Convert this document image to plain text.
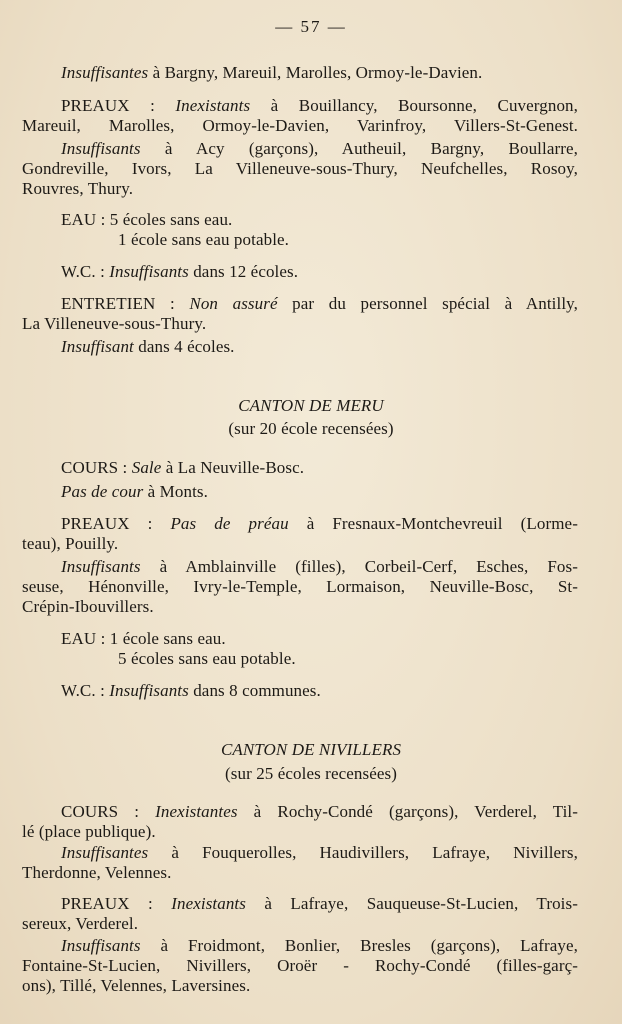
— 57 —
Insuffisantes à Bargny, Mareuil, Marolles, Ormoy-le-Davien.
PREAUX : Inexistants à Bouillancy, Boursonne, Cuvergnon,
Mareuil, Marolles, Ormoy-le-Davien, Varinfroy, Villers-St-Genest.
Insuffisants à Acy (garçons), Autheuil, Bargny, Boullarre,
Gondreville, Ivors, La Villeneuve-sous-Thury, Neufchelles, Rosoy,
Rouvres, Thury.
EAU : 5 écoles sans eau.
1 école sans eau potable.
W.C. : Insuffisants dans 12 écoles.
ENTRETIEN : Non assuré par du personnel spécial à Antilly,
La Villeneuve-sous-Thury.
Insuffisant dans 4 écoles.
CANTON DE MERU
(sur 20 école recensées)
COURS : Sale à La Neuville-Bosc.
Pas de cour à Monts.
PREAUX : Pas de préau à Fresnaux-Montchevreuil (Lorme-
teau), Pouilly.
Insuffisants à Amblainville (filles), Corbeil-Cerf, Esches, Fos-
seuse, Hénonville, Ivry-le-Temple, Lormaison, Neuville-Bosc, St-
Crépin-Ibouvillers.
EAU : 1 école sans eau.
5 écoles sans eau potable.
W.C. : Insuffisants dans 8 communes.
CANTON DE NIVILLERS
(sur 25 écoles recensées)
COURS : Inexistantes à Rochy-Condé (garçons), Verderel, Til-
lé (place publique).
Insuffisantes à Fouquerolles, Haudivillers, Lafraye, Nivillers,
Therdonne, Velennes.
PREAUX : Inexistants à Lafraye, Sauqueuse-St-Lucien, Trois-
sereux, Verderel.
Insuffisants à Froidmont, Bonlier, Bresles (garçons), Lafraye,
Fontaine-St-Lucien, Nivillers, Oroër - Rochy-Condé (filles-garç-
ons), Tillé, Velennes, Laversines.
